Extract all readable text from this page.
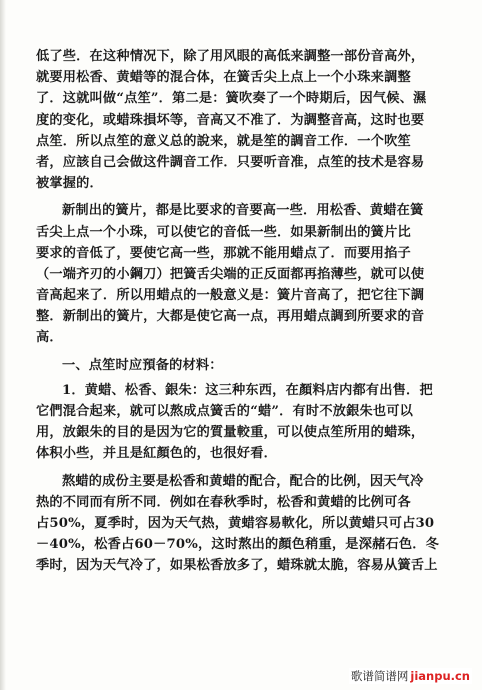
低了些．在这种情况下，除了用风眼的高低来調整一部份音高外，
就要用松香、黄蜡等的混合体，在簧舌尖上点上一个小珠来調整
了．这就叫做“点笙”．第二是：簧吹奏了一个時期后，因气候、濕
度的变化，或蜡珠損坏等，音高又不准了．为調整音高，这时也要
点笙．所以点笙的意义总的說来，就是笙的調音工作．一个吹笙
者，应該自己会做这件調音工作．只要听音准，点笙的技术是容易
被掌握的．
新制出的簧片，都是比要求的音要高一些．用松香、黄蜡在簧
舌尖上点一个小珠，可以使它的音低一些．如果新制出的簧片比
要求的音低了，要使它高一些，那就不能用蜡点了．而要用掐子
（一端齐刃的小鋼刀）把簧舌尖端的正反面都再掐薄些，就可以使
音高起来了．所以用蜡点的一般意义是：簧片音高了，把它往下調
整．新制出的簧片，大都是使它高一点，再用蜡点調到所要求的音
高．
一、点笙时应預备的材料：
1．黄蜡、松香、銀朱：这三种东西，在顏料店内都有出售．把
它們混合起来，就可以熬成点簧舌的“蜡”．有时不放銀朱也可以
用，放銀朱的目的是因为它的質量較重，可以使点笙所用的蜡珠，
体积小些，并且是紅顏色的，也很好看．
熬蜡的成份主要是松香和黄蜡的配合，配合的比例，因天气冷
热的不同而有所不同．例如在春秋季时，松香和黄蜡的比例可各
占50%，夏季时，因为天气热，黄蜡容易軟化，所以黄蜡只可占30
－40%，松香占60－70%，这时熬出的顏色稍重，是深赭石色．冬
季时，因为天气冷了，如果松香放多了，蜡珠就太脆，容易从簧舌上
歌谱简谱网 jianpu.cn
